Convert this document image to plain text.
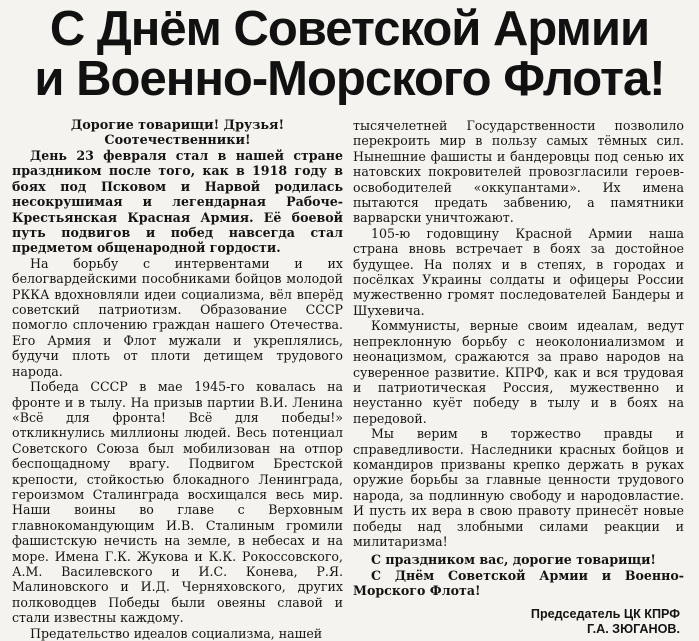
С Днём Советской Армии
и Военно-Морского Флота!

Дорогие товарищи! Друзья!

Соотечественники!

День 23 февраля стал в нашей стране праздником после того, как в 1918 году в боях под Псковом и Нарвой родилась несокрушимая и легендарная Рабоче-Крестьянская Красная Армия. Её боевой путь подвигов и побед навсегда стал предметом общенародной гордости.

На борьбу с интервентами и их белогвардейскими пособниками бойцов молодой РККА вдохновляли идеи социализма, вёл вперёд советский патриотизм. Образование СССР помогло сплочению граждан нашего Отечества. Его Армия и Флот мужали и укреплялись, будучи плоть от плоти детищем трудового народа.

Победа СССР в мае 1945-го ковалась на фронте и в тылу. На призыв партии В.И. Ленина «Всё для фронта! Всё для победы!» откликнулись миллионы людей. Весь потенциал Советского Союза был мобилизован на отпор беспощадному врагу. Подвигом Брестской крепости, стойкостью блокадного Ленинграда, героизмом Сталинграда восхищался весь мир. Наши воины во главе с Верховным главнокомандующим И.В. Сталиным громили фашистскую нечисть на земле, в небесах и на море. Имена Г.К. Жукова и К.К. Рокоссовского, А.М. Василевского и И.С. Конева, Р.Я. Малиновского и И.Д. Черняховского, других полководцев Победы были овеяны славой и стали известны каждому.

Предательство идеалов социализма, нашей

тысячелетней Государственности позволило перекроить мир в пользу самых тёмных сил. Нынешние фашисты и бандеровцы под сенью их натовских покровителей провозгласили героев-освободителей «оккупантами». Их имена пытаются предать забвению, а памятники варварски уничтожают.

105-ю годовщину Красной Армии наша страна вновь встречает в боях за достойное будущее. На полях и в степях, в городах и посёлках Украины солдаты и офицеры России мужественно громят последователей Бандеры и Шухевича.

Коммунисты, верные своим идеалам, ведут непреклонную борьбу с неоколониализмом и неонацизмом, сражаются за право народов на суверенное развитие. КПРФ, как и вся трудовая и патриотическая Россия, мужественно и неустанно куёт победу в тылу и в боях на передовой.

Мы верим в торжество правды и справедливости. Наследники красных бойцов и командиров призваны крепко держать в руках оружие борьбы за главные ценности трудового народа, за подлинную свободу и народовластие. И пусть их вера в свою правоту принесёт новые победы над злобными силами реакции и милитаризма!

С праздником вас, дорогие товарищи!

С Днём Советской Армии и Военно-Морского Флота!

Председатель ЦК КПРФ
Г.А. ЗЮГАНОВ.
